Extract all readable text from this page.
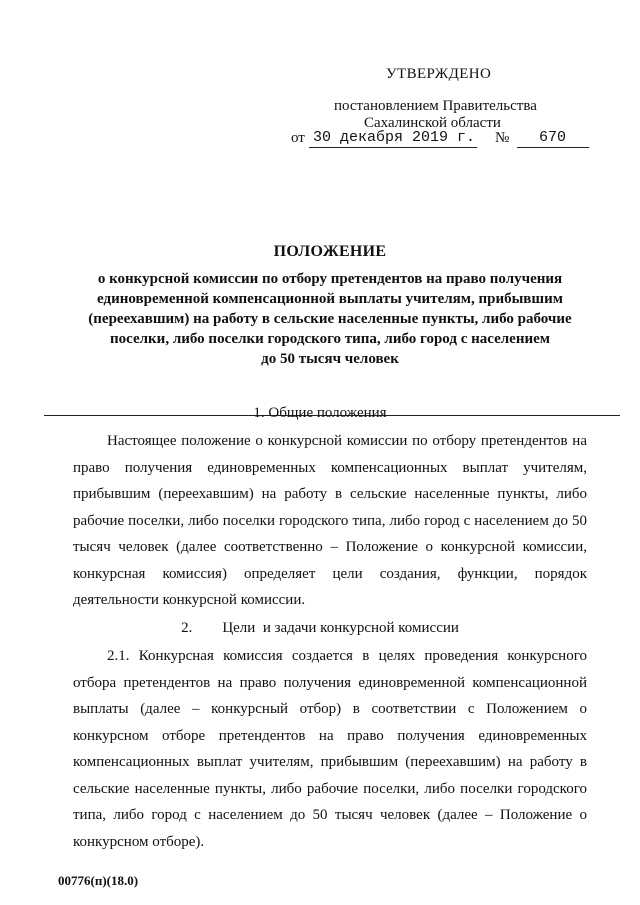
УТВЕРЖДЕНО
постановлением Правительства
Сахалинской области
от 30 декабря 2019 г. № 670
ПОЛОЖЕНИЕ
о конкурсной комиссии по отбору претендентов на право получения
единовременной компенсационной выплаты учителям, прибывшим
(переехавшим) на работу в сельские населенные пункты, либо рабочие
поселки, либо поселки городского типа, либо город с населением
до 50 тысяч человек
1. Общие положения
Настоящее положение о конкурсной комиссии по отбору претендентов на право получения единовременных компенсационных выплат учителям, прибывшим (переехавшим) на работу в сельские населенные пункты, либо рабочие поселки, либо поселки городского типа, либо город с населением до 50 тысяч человек (далее соответственно – Положение о конкурсной комиссии, конкурсная комиссия) определяет цели создания, функции, порядок деятельности конкурсной комиссии.
2.        Цели  и задачи конкурсной комиссии
2.1. Конкурсная комиссия создается в целях проведения конкурсного отбора претендентов на право получения единовременной компенсационной выплаты (далее – конкурсный отбор) в соответствии с Положением о конкурсном отборе претендентов на право получения единовременных компенсационных выплат учителям, прибывшим (переехавшим) на работу в сельские населенные пункты, либо рабочие поселки, либо поселки городского типа, либо город с населением до 50 тысяч человек (далее – Положение о конкурсном отборе).
00776(п)(18.0)
